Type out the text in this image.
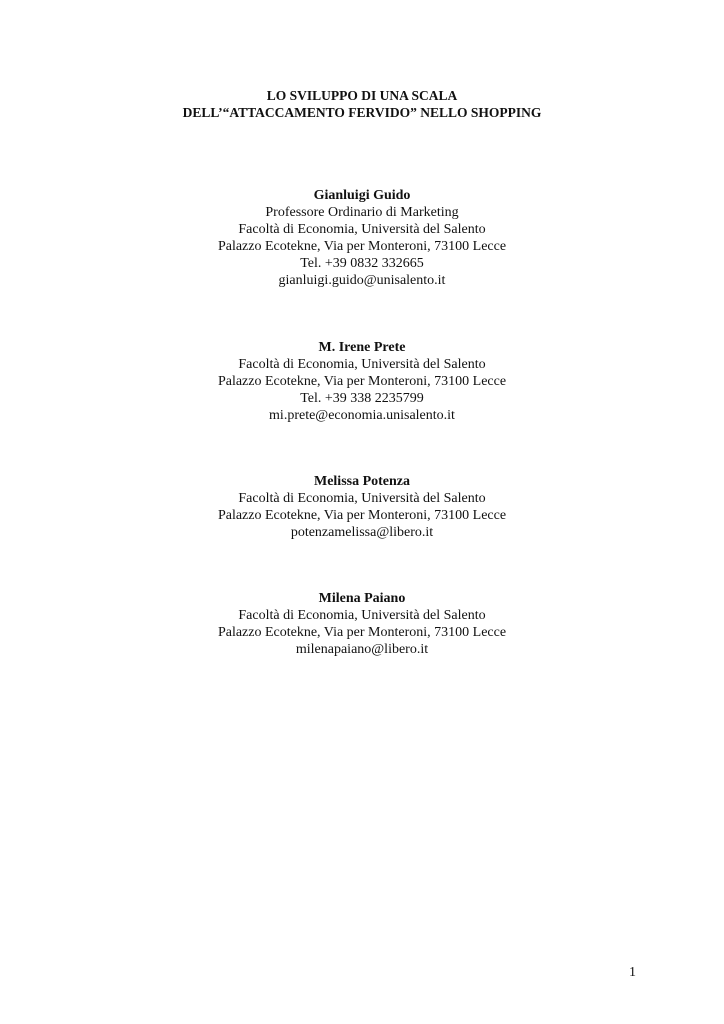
LO SVILUPPO DI UNA SCALA
DELL’“ATTACCAMENTO FERVIDO” NELLO SHOPPING
Gianluigi Guido
Professore Ordinario di Marketing
Facoltà di Economia, Università del Salento
Palazzo Ecotekne, Via per Monteroni, 73100 Lecce
Tel. +39 0832 332665
gianluigi.guido@unisalento.it
M. Irene Prete
Facoltà di Economia, Università del Salento
Palazzo Ecotekne, Via per Monteroni, 73100 Lecce
Tel. +39 338 2235799
mi.prete@economia.unisalento.it
Melissa Potenza
Facoltà di Economia, Università del Salento
Palazzo Ecotekne, Via per Monteroni, 73100 Lecce
potenzamelissa@libero.it
Milena Paiano
Facoltà di Economia, Università del Salento
Palazzo Ecotekne, Via per Monteroni, 73100 Lecce
milenapaiano@libero.it
1
